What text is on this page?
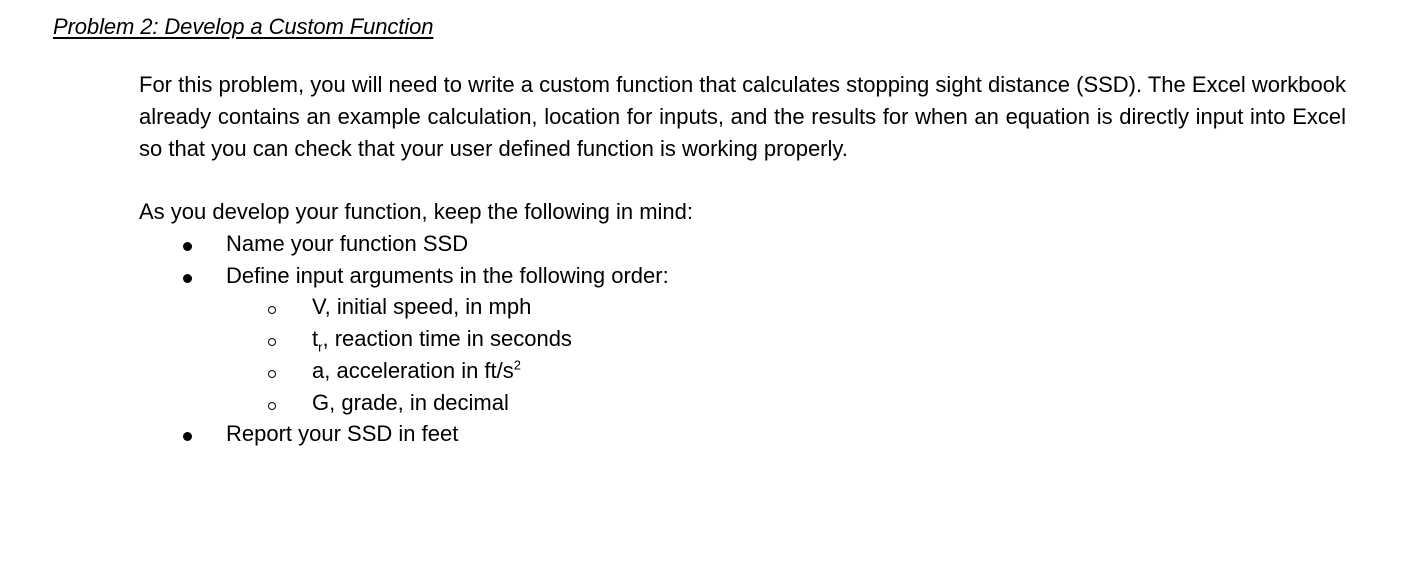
Problem 2: Develop a Custom Function

For this problem, you will need to write a custom function that calculates stopping sight distance (SSD). The Excel workbook already contains an example calculation, location for inputs, and the results for when an equation is directly input into Excel so that you can check that your user defined function is working properly.

As you develop your function, keep the following in mind:

Name your function SSD
Define input arguments in the following order:
V, initial speed, in mph
$t_r$, reaction time in seconds
a, acceleration in $ft/s^2$
G, grade, in decimal
Report your SSD in feet
